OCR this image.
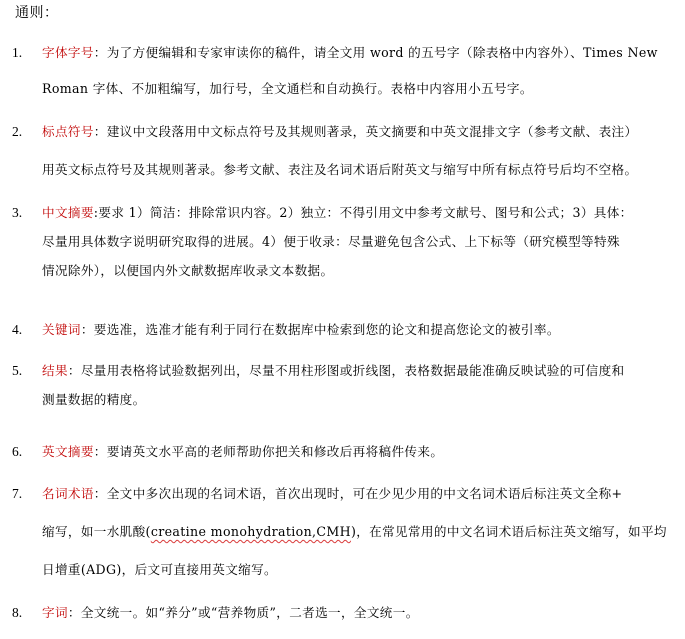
通则：
1. 字体字号：为了方便编辑和专家审读你的稿件，请全文用 word 的五号字（除表格中内容外）、Times New
Roman 字体、不加粗编写，加行号，全文通栏和自动换行。表格中内容用小五号字。
2. 标点符号：建议中文段落用中文标点符号及其规则著录，英文摘要和中英文混排文字（参考文献、表注）
用英文标点符号及其规则著录。参考文献、表注及名词术语后附英文与缩写中所有标点符号后均不空格。
3. 中文摘要:要求 1）简洁：排除常识内容。2）独立：不得引用文中参考文献号、图号和公式；3）具体：
尽量用具体数字说明研究取得的进展。4）便于收录：尽量避免包含公式、上下标等（研究模型等特殊
情况除外），以便国内外文献数据库收录文本数据。
4. 关键词：要选准，选准才能有利于同行在数据库中检索到您的论文和提高您论文的被引率。
5. 结果：尽量用表格将试验数据列出，尽量不用柱形图或折线图，表格数据最能准确反映试验的可信度和
测量数据的精度。
6. 英文摘要：要请英文水平高的老师帮助你把关和修改后再将稿件传来。
7. 名词术语：全文中多次出现的名词术语，首次出现时，可在少见少用的中文名词术语后标注英文全称+
缩写，如一水肌酸(creatine monohydration,CMH)，在常见常用的中文名词术语后标注英文缩写，如平均
日增重(ADG)，后文可直接用英文缩写。
8. 字词：全文统一。如“养分”或“营养物质”，二者选一，全文统一。
